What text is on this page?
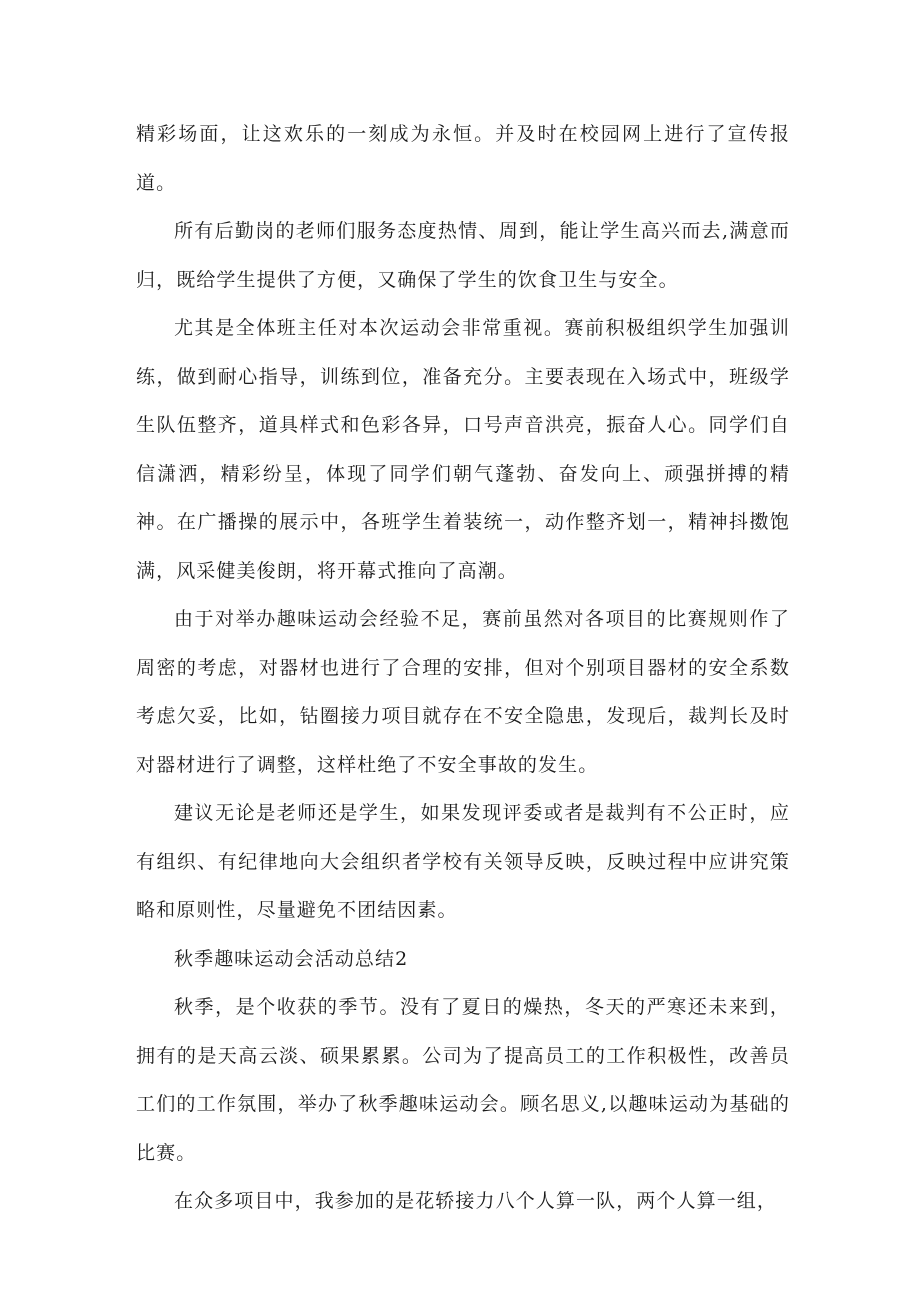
精彩场面，让这欢乐的一刻成为永恒。并及时在校园网上进行了宣传报道。

所有后勤岗的老师们服务态度热情、周到，能让学生高兴而去,满意而归，既给学生提供了方便，又确保了学生的饮食卫生与安全。

尤其是全体班主任对本次运动会非常重视。赛前积极组织学生加强训练，做到耐心指导，训练到位，准备充分。主要表现在入场式中，班级学生队伍整齐，道具样式和色彩各异，口号声音洪亮，振奋人心。同学们自信潇洒，精彩纷呈，体现了同学们朝气蓬勃、奋发向上、顽强拼搏的精神。在广播操的展示中，各班学生着装统一，动作整齐划一，精神抖擞饱满，风采健美俊朗，将开幕式推向了高潮。

由于对举办趣味运动会经验不足，赛前虽然对各项目的比赛规则作了周密的考虑，对器材也进行了合理的安排，但对个别项目器材的安全系数考虑欠妥，比如，钻圈接力项目就存在不安全隐患，发现后，裁判长及时对器材进行了调整，这样杜绝了不安全事故的发生。

建议无论是老师还是学生，如果发现评委或者是裁判有不公正时，应有组织、有纪律地向大会组织者学校有关领导反映，反映过程中应讲究策略和原则性，尽量避免不团结因素。

秋季趣味运动会活动总结2

秋季，是个收获的季节。没有了夏日的燥热，冬天的严寒还未来到，拥有的是天高云淡、硕果累累。公司为了提高员工的工作积极性，改善员工们的工作氛围，举办了秋季趣味运动会。顾名思义,以趣味运动为基础的比赛。

在众多项目中，我参加的是花轿接力八个人算一队，两个人算一组，
